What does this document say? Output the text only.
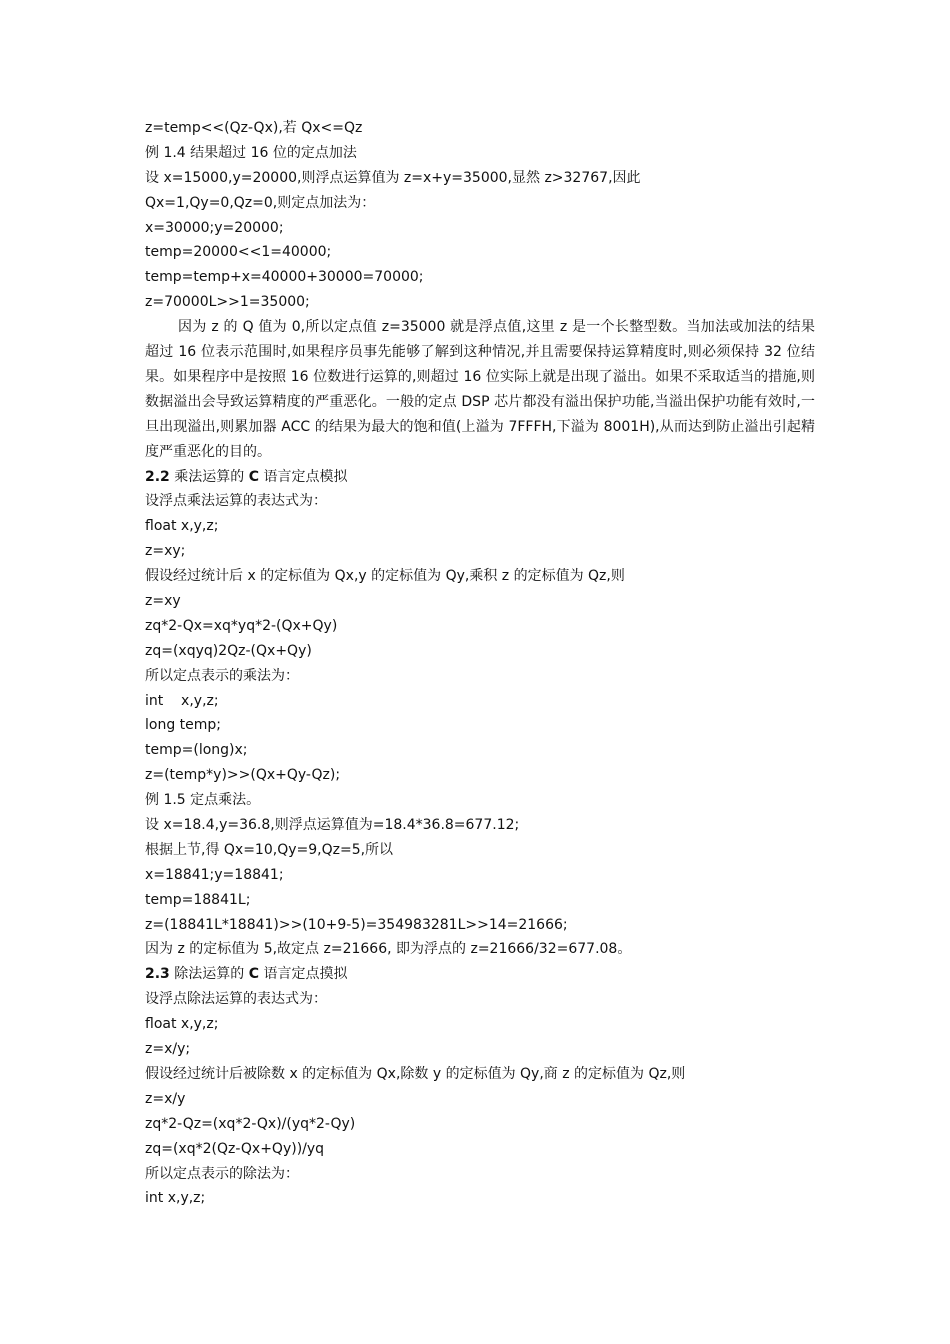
z=temp<<(Qz-Qx),若 Qx<=Qz
例 1.4 结果超过 16 位的定点加法
设 x=15000,y=20000,则浮点运算值为 z=x+y=35000,显然 z>32767,因此
Qx=1,Qy=0,Qz=0,则定点加法为：
x=30000;y=20000;
temp=20000<<1=40000;
temp=temp+x=40000+30000=70000;
z=70000L>>1=35000;

因为 z 的 Q 值为 0,所以定点值 z=35000 就是浮点值,这里 z 是一个长整型数。当加法或加法的结果超过 16 位表示范围时,如果程序员事先能够了解到这种情况,并且需要保持运算精度时,则必须保持 32 位结果。如果程序中是按照 16 位数进行运算的,则超过 16 位实际上就是出现了溢出。如果不采取适当的措施,则数据溢出会导致运算精度的严重恶化。一般的定点 DSP 芯片都没有溢出保护功能,当溢出保护功能有效时,一旦出现溢出,则累加器 ACC 的结果为最大的饱和值(上溢为 7FFFH,下溢为 8001H),从而达到防止溢出引起精度严重恶化的目的。

2.2 乘法运算的 C 语言定点模拟
设浮点乘法运算的表达式为：
float x,y,z;
z=xy;
假设经过统计后 x 的定标值为 Qx,y 的定标值为 Qy,乘积 z 的定标值为 Qz,则
z=xy
zq*2-Qx=xq*yq*2-(Qx+Qy)
zq=(xqyq)2Qz-(Qx+Qy)
所以定点表示的乘法为：
int    x,y,z;
long temp;
temp=(long)x;
z=(temp*y)>>(Qx+Qy-Qz);
例 1.5 定点乘法。
设 x=18.4,y=36.8,则浮点运算值为=18.4*36.8=677.12;
根据上节,得 Qx=10,Qy=9,Qz=5,所以
x=18841;y=18841;
temp=18841L;
z=(18841L*18841)>>(10+9-5)=354983281L>>14=21666;
因为 z 的定标值为 5,故定点 z=21666, 即为浮点的 z=21666/32=677.08。
2.3 除法运算的 C 语言定点摸拟
设浮点除法运算的表达式为：
float x,y,z;
z=x/y;
假设经过统计后被除数 x 的定标值为 Qx,除数 y 的定标值为 Qy,商 z 的定标值为 Qz,则
z=x/y
zq*2-Qz=(xq*2-Qx)/(yq*2-Qy)
zq=(xq*2(Qz-Qx+Qy))/yq
所以定点表示的除法为：
int x,y,z;
